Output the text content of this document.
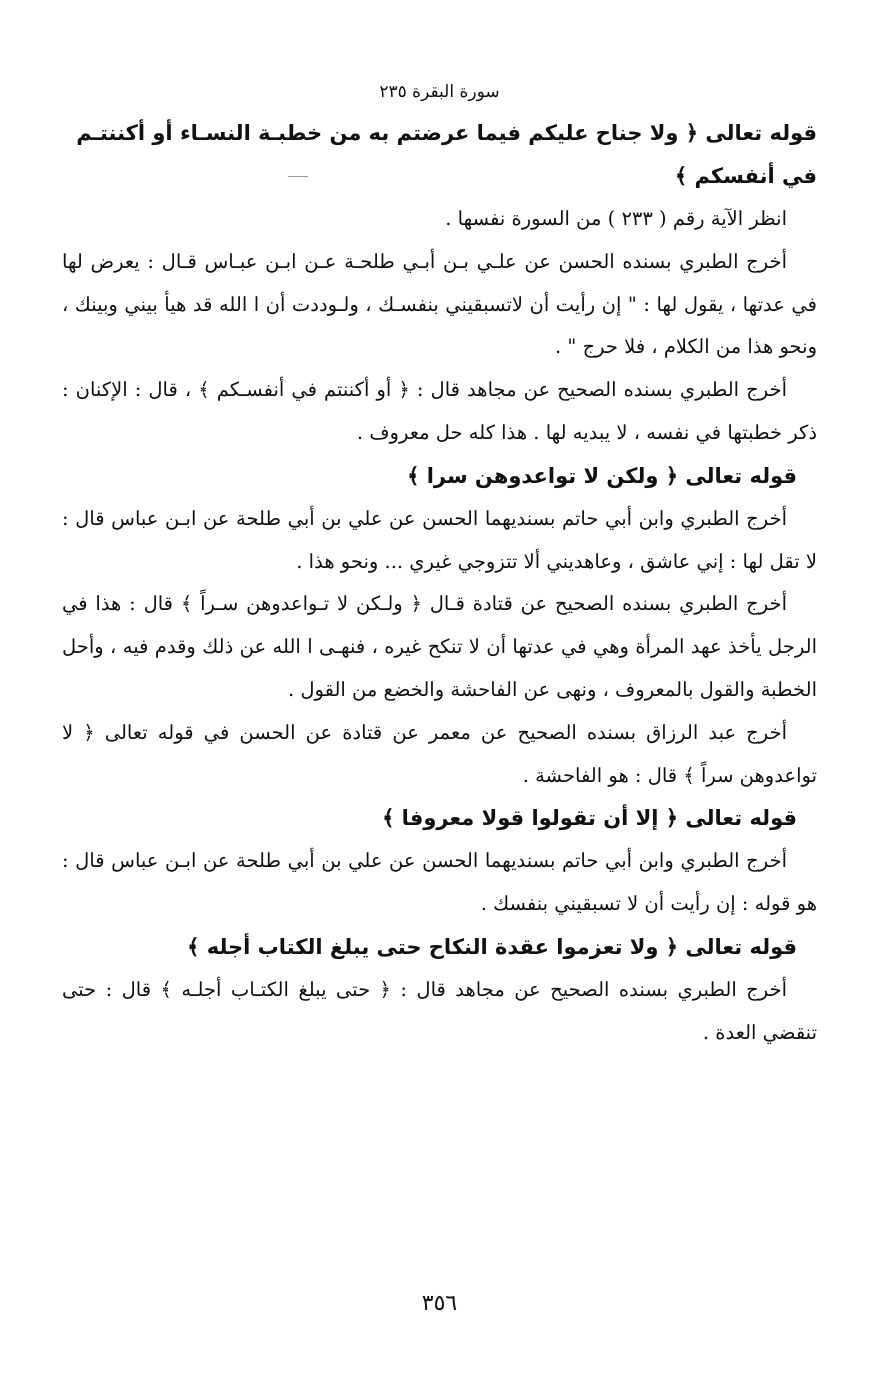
سورة البقرة ٢٣٥
قوله تعالى ﴿ ولا جناح عليكم فيما عرضتم به من خطبـة النسـاء أو أكننتـم في أنفسكم ﴾

انظر الآية رقم ( ٢٣٣ ) من السورة نفسها .

أخرج الطبري بسنده الحسن عن علـي بـن أبـي طلحـة عـن ابـن عبـاس قـال : يعرض لها في عدتها ، يقول لها : " إن رأيت أن لاتسبقيني بنفسـك ، ولـوددت أن ا الله قد هيأ بيني وبينك ، ونحو هذا من الكلام ، فلا حرج " .

أخرج الطبري بسنده الصحيح عن مجاهد قال : ﴿ أو أكننتم في أنفسـكم ﴾ ، قال : الإكنان : ذكر خطبتها في نفسه ، لا يبديه لها . هذا كله حل معروف .

قوله تعالى ﴿ ولكن لا تواعدوهن سرا ﴾

أخرج الطبري وابن أبي حاتم بسنديهما الحسن عن علي بن أبي طلحة عن ابـن عباس قال : لا تقل لها : إني عاشق ، وعاهديني ألا تتزوجي غيري ... ونحو هذا .

أخرج الطبري بسنده الصحيح عن قتادة قـال ﴿ ولـكن لا تـواعدوهن سـراً ﴾ قال : هذا في الرجل يأخذ عهد المرأة وهي في عدتها أن لا تنكح غيره ، فنهـى ا الله عن ذلك وقدم فيه ، وأحل الخطبة والقول بالمعروف ، ونهى عن الفاحشة والخضع من القول .

أخرج عبد الرزاق بسنده الصحيح عن معمر عن قتادة عن الحسن في قوله تعالى ﴿ لا تواعدوهن سراً ﴾ قال : هو الفاحشة .

قوله تعالى ﴿ إلا أن تقولوا قولا معروفا ﴾

أخرج الطبري وابن أبي حاتم بسنديهما الحسن عن علي بن أبي طلحة عن ابـن عباس قال : هو قوله : إن رأيت أن لا تسبقيني بنفسك .

قوله تعالى ﴿ ولا تعزموا عقدة النكاح حتى يبلغ الكتاب أجله ﴾

أخرج الطبري بسنده الصحيح عن مجاهد قال : ﴿ حتى يبلغ الكتـاب أجلـه ﴾ قال : حتى تنقضي العدة .

٣٥٦
